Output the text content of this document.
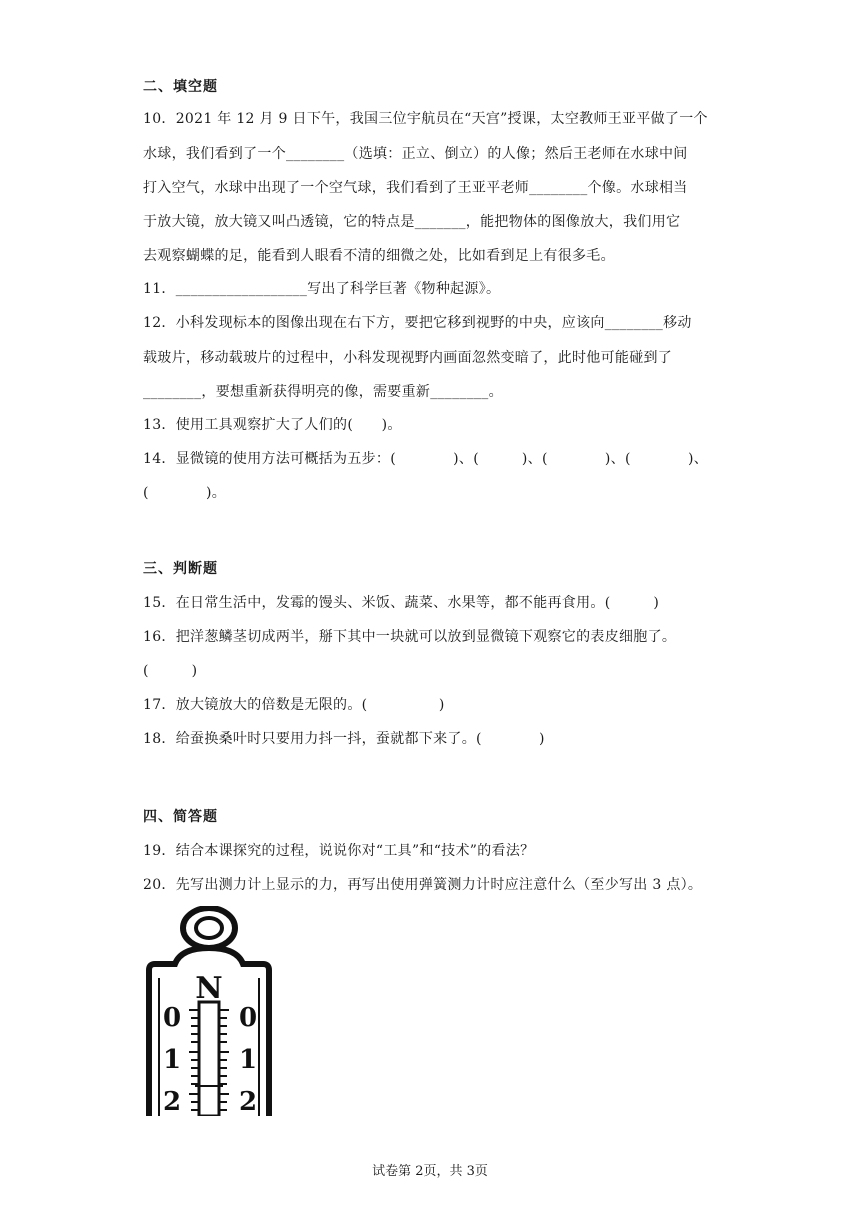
二、填空题
10．2021 年 12 月 9 日下午，我国三位宇航员在“天宫”授课，太空教师王亚平做了一个
水球，我们看到了一个________（选填：正立、倒立）的人像；然后王老师在水球中间
打入空气，水球中出现了一个空气球，我们看到了王亚平老师________个像。水球相当
于放大镜，放大镜又叫凸透镜，它的特点是_______，能把物体的图像放大，我们用它
去观察蝴蝶的足，能看到人眼看不清的细微之处，比如看到足上有很多毛。
11．__________________写出了科学巨著《物种起源》。
12．小科发现标本的图像出现在右下方，要把它移到视野的中央，应该向________移动
载玻片，移动载玻片的过程中，小科发现视野内画面忽然变暗了，此时他可能碰到了
________，要想重新获得明亮的像，需要重新________。
13．使用工具观察扩大了人们的(　　)。
14．显微镜的使用方法可概括为五步：(　　　　)、(　　　)、(　　　　)、(　　　　)、
(　　　　)。
三、判断题
15．在日常生活中，发霉的馒头、米饭、蔬菜、水果等，都不能再食用。(　　　)
16．把洋葱鳞茎切成两半，掰下其中一块就可以放到显微镜下观察它的表皮细胞了。
(　　　)
17．放大镜放大的倍数是无限的。(　　　　　)
18．给蚕换桑叶时只要用力抖一抖，蚕就都下来了。(　　　　)
四、简答题
19．结合本课探究的过程，说说你对“工具”和“技术”的看法？
20．先写出测力计上显示的力，再写出使用弹簧测力计时应注意什么（至少写出 3 点）。
N
0
1
2
0
1
2
试卷第 2页，共 3页
